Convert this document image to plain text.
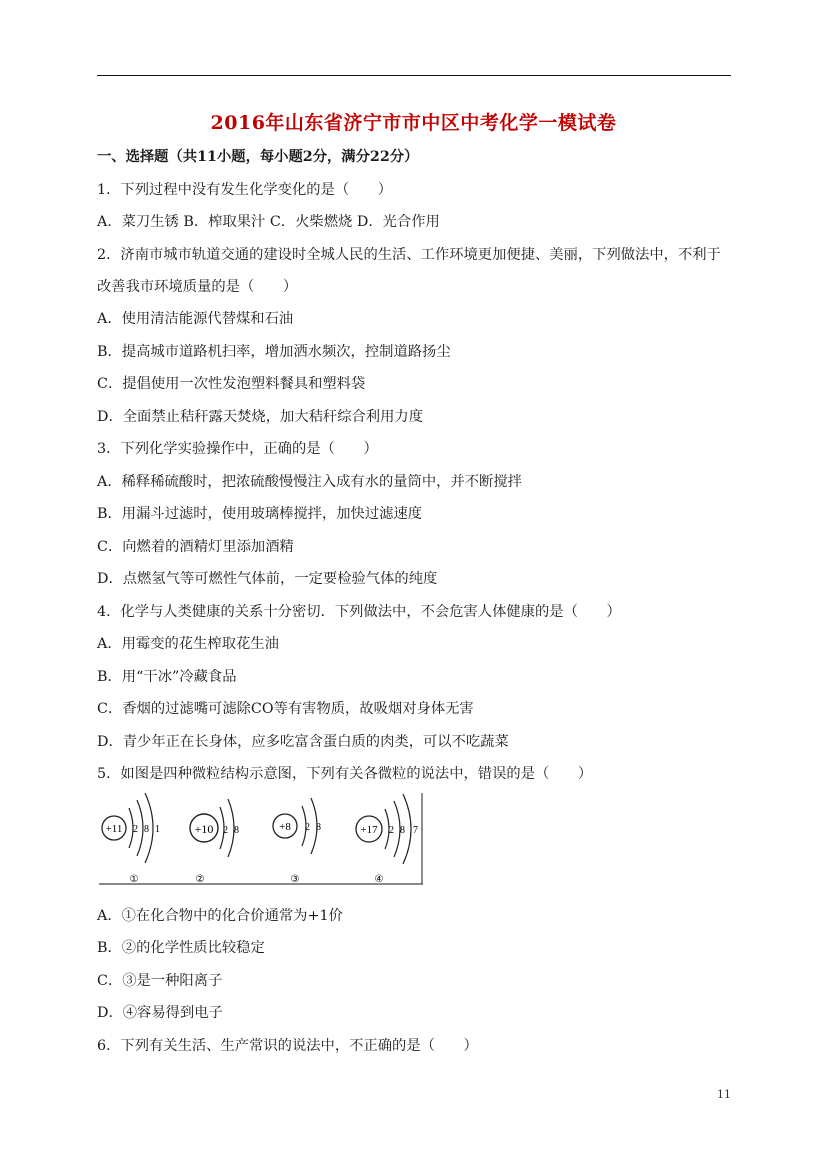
2016年山东省济宁市市中区中考化学一模试卷
一、选择题（共11小题，每小题2分，满分22分）
1．下列过程中没有发生化学变化的是（　　）
A．菜刀生锈 B．榨取果汁 C．火柴燃烧 D．光合作用
2．济南市城市轨道交通的建设时全城人民的生活、工作环境更加便捷、美丽，下列做法中，不利于
改善我市环境质量的是（　　）
A．使用清洁能源代替煤和石油
B．提高城市道路机扫率，增加洒水频次，控制道路扬尘
C．提倡使用一次性发泡塑料餐具和塑料袋
D．全面禁止秸秆露天焚烧，加大秸秆综合利用力度
3．下列化学实验操作中，正确的是（　　）
A．稀释稀硫酸时，把浓硫酸慢慢注入成有水的量筒中，并不断搅拌
B．用漏斗过滤时，使用玻璃棒搅拌，加快过滤速度
C．向燃着的酒精灯里添加酒精
D．点燃氢气等可燃性气体前，一定要检验气体的纯度
4．化学与人类健康的关系十分密切．下列做法中，不会危害人体健康的是（　　）
A．用霉变的花生榨取花生油
B．用“干冰”冷藏食品
C．香烟的过滤嘴可滤除CO等有害物质，故吸烟对身体无害
D．青少年正在长身体，应多吃富含蛋白质的肉类，可以不吃蔬菜
5．如图是四种微粒结构示意图，下列有关各微粒的说法中，错误的是（　　）
+11 2 8 1
①
+10 2 8
②
+8 2 8
③
+17 2 8 7
④
A．①在化合物中的化合价通常为+1价
B．②的化学性质比较稳定
C．③是一种阳离子
D．④容易得到电子
6．下列有关生活、生产常识的说法中，不正确的是（　　）
11
